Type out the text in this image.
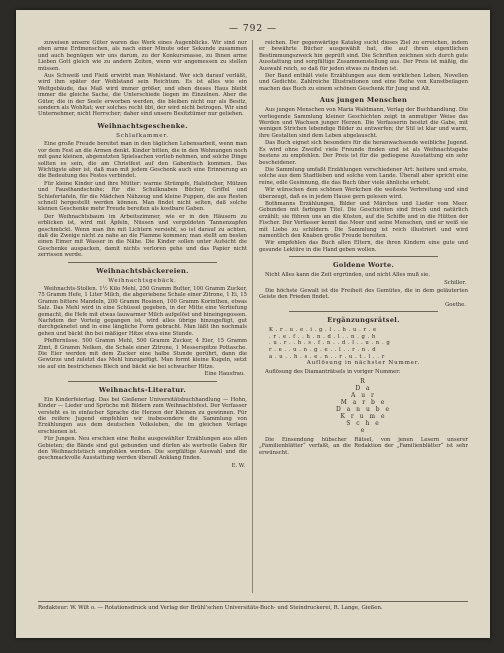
— 792 —

zuweisen unsere Güter waren das Werk eines Augenblicks. Wir sind nur eben arme Erdmenschen, als nach einer Minute oder Sekunde zusammen und auch begnügen wir uns darum, zu der Konkursmasse, zu Ihnen arme Lieben Gott gleich wie zu andern Zeiten, wenn wir angemessen zu stellen müssen.

Aus Schweiß und Fleiß erwirbt man Wohlstand. Wer sich darauf verläßt, wird ihm später der Wohlstand sein Reichtum. Es ist alles wie ein Weltgebäude, das Maß wird immer größer, und eben dieses Haus bleibt immer die gleiche Sache, die Unterschiede liegen im Einzelnen. Aber die Güter, die in der Seele erworben werden, die bleiben nicht nur als Besitz, sondern als Wohltat; wer solches recht übt, der wird nicht betrogen. Wir sind Unternehmer, nicht Herrscher; daher sind unsere Besitztümer nur geliehen.

Weihnachtsgeschenke.
Schlafkammer.

Eine große Freude bereitet man in den täglichen Lebensarbeit, wenn man vor dem Fest an die Armen denkt. Kinder bitten, die in den Wohnungen noch mit ganz kleinen, abgenutzten Spielsachen vorlieb nehmen, und solche Dinge sollten es sein, die am Christfest auf den Gabentisch kommen. Das Wichtigste aber ist, daß man mit jedem Geschenk auch eine Erinnerung an die Bedeutung des Festes verbindet.

Für kleine Kinder und ihre Mütter: warme Strümpfe, Halstücher, Mützen und Fausthandschuhe; für die Schulknaben Bücher, Griffel und Schiefertafeln, für die Mädchen Nähzeug und kleine Puppen, die aus Resten schnell hergestellt werden können. Man findet nicht selten, daß solche kleinen Geschenke mehr Freude bereiten als kostbare Gaben.

Der Weihnachtsbaum im Arbeitszimmer, wie er in den Häusern zu erblicken ist, wird mit Äpfeln, Nüssen und vergoldeten Tannenzapfen geschmückt. Wenn man ihn mit Lichtern versieht, so ist darauf zu achten, daß die Zweige nicht zu nahe an die Flamme kommen; man stellt am besten einen Eimer mit Wasser in die Nähe. Die Kinder sollen unter Aufsicht die Geschenke auspacken, damit nichts verloren gehe und das Papier nicht zerrissen werde.

Weihnachtsbäckereien.
Weihnachtsgebäck.

Weihnachts-Stollen. 1½ Kilo Mehl, 250 Gramm Butter, 100 Gramm Zucker, 75 Gramm Hefe, 1 Liter Milch, die abgeriebene Schale einer Zitrone, 1 Ei, 15 Gramm bittere Mandeln, 200 Gramm Rosinen, 100 Gramm Korinthen, etwas Salz. Das Mehl wird in eine Schüssel gegeben, in der Mitte eine Vertiefung gemacht, die Hefe mit etwas lauwarmer Milch aufgelöst und hineingegossen. Nachdem der Vorteig gegangen ist, wird alles übrige hinzugefügt, gut durchgeknetet und in eine längliche Form gebracht. Man läßt ihn nochmals gehen und bäckt ihn bei mäßiger Hitze etwa eine Stunde.

Pfeffernüsse. 500 Gramm Mehl, 500 Gramm Zucker, 4 Eier, 15 Gramm Zimt, 8 Gramm Nelken, die Schale einer Zitrone, 1 Messerspitze Pottasche. Die Eier werden mit dem Zucker eine halbe Stunde gerührt, dann die Gewürze und zuletzt das Mehl hinzugefügt. Man formt kleine Kugeln, setzt sie auf ein bestrichenes Blech und bäckt sie bei schwacher Hitze.

Eine Hausfrau.
Weihnachts-Literatur.

Ein Kinderfeiertag. Das bei Gießener Universitätsbuchhandlung — Hohn, Kinder — Lieder und Sprüche mit Bildern zum Weihnachtsfest. Der Verfasser versteht es in einfacher Sprache die Herzen der Kleinen zu gewinnen. Für die reifere Jugend empfehlen wir insbesondere die Sammlung von Erzählungen aus dem deutschen Volksleben, die im gleichen Verlage erschienen ist.

Für Jungen. Neu erschien eine Reihe ausgewählter Erzählungen aus allen Gebieten; die Bände sind gut gebunden und dürfen als wertvolle Gaben für den Weihnachtstisch empfohlen werden. Die sorgfältige Auswahl und die geschmackvolle Ausstattung werden überall Anklang finden.

E. W.

reichen. Der gegenwärtige Katalog sucht dieses Ziel zu erreichen, indem er bewährte Bücher ausgewählt hat, die auf ihren eigentlichen Bestimmungszweck hin geprüft sind. Die Schriften zeichnen sich durch gute Ausstattung und sorgfältige Zusammenstellung aus. Der Preis ist mäßig, die Auswahl reich, so daß für jeden etwas zu finden ist.

Der Band enthält viele Erzählungen aus dem wirklichen Leben, Novellen und Gedichte. Zahlreiche Illustrationen und eine Reihe von Kunstbeilagen machen das Buch zu einem schönen Geschenk für Jung und Alt.

Aus jungen Menschen

Aus jungen Menschen von Maria Waldmann, Verlag der Buchhandlung. Die vorliegende Sammlung kleiner Geschichten zeigt in anmutiger Weise das Werden und Wachsen junger Herzen. Die Verfasserin besitzt die Gabe, mit wenigen Strichen lebendige Bilder zu entwerfen; ihr Stil ist klar und warm, ihre Gestalten sind dem Leben abgelauscht.

Das Buch eignet sich besonders für die heranwachsende weibliche Jugend. Es wird ohne Zweifel viele Freunde finden und ist als Weihnachtsgabe bestens zu empfehlen. Der Preis ist für die gediegene Ausstattung ein sehr bescheidener.

Die Sammlung umfaßt Erzählungen verschiedener Art: heitere und ernste, solche aus dem Stadtleben und solche vom Lande. Überall aber spricht eine reine, edle Gesinnung, die das Buch über viele ähnliche erhebt.

Wir wünschen dem schönen Werkchen die weiteste Verbreitung und sind überzeugt, daß es in jedem Hause gern gelesen wird.

Bothmanns Erzählungen, Bilder und Märchen und Lieder vom Meer. Gebunden mit farbigem Titel. Die Geschichten sind frisch und natürlich erzählt; sie führen uns an die Küsten, auf die Schiffe und in die Hütten der Fischer. Der Verfasser kennt das Meer und seine Menschen, und er weiß sie mit Liebe zu schildern. Die Sammlung ist reich illustriert und wird namentlich den Knaben große Freude bereiten.

Wir empfehlen das Buch allen Eltern, die ihren Kindern eine gute und gesunde Lektüre in die Hand geben wollen.

Goldene Worte.

Nicht Alles kann die Zeit ergründen, und nicht Alles muß sie.

Schiller.

Die höchste Gewalt ist die Freiheit des Gemütes, die in dem geläuterten Geiste den Frieden findet.

Goethe.
Ergänzungsrätsel.
K . r . u . e . i . g . l . . h . u . r . e
. r . e . f . . h . n . d . l . . n . g . h
. u . r . . h . s . f . n . . d . l . . u . n . g
r . e . . u . n . g . e . . l . . r . n . d
a . u . . h . s . e . n . . r . u . t . l . . r
Auflösung in nächster Nummer.

Auflösung des Diamanträtsels in voriger Nummer:

R
D a
A u r
M a r b e
D a n u b e
K r u m e
S c h e
e

Die Einsendung hübscher Rätsel, von jenen Lesern unserer „Familienblätter“ verfaßt, an die Redaktion der „Familienblätter“ ist sehr erwünscht.

Redakteur: W. Wilt o. — Rotationsdruck und Verlag der Brühl'schen Universitäts-Buch- und Steindruckerei, R. Lange, Gießen.
